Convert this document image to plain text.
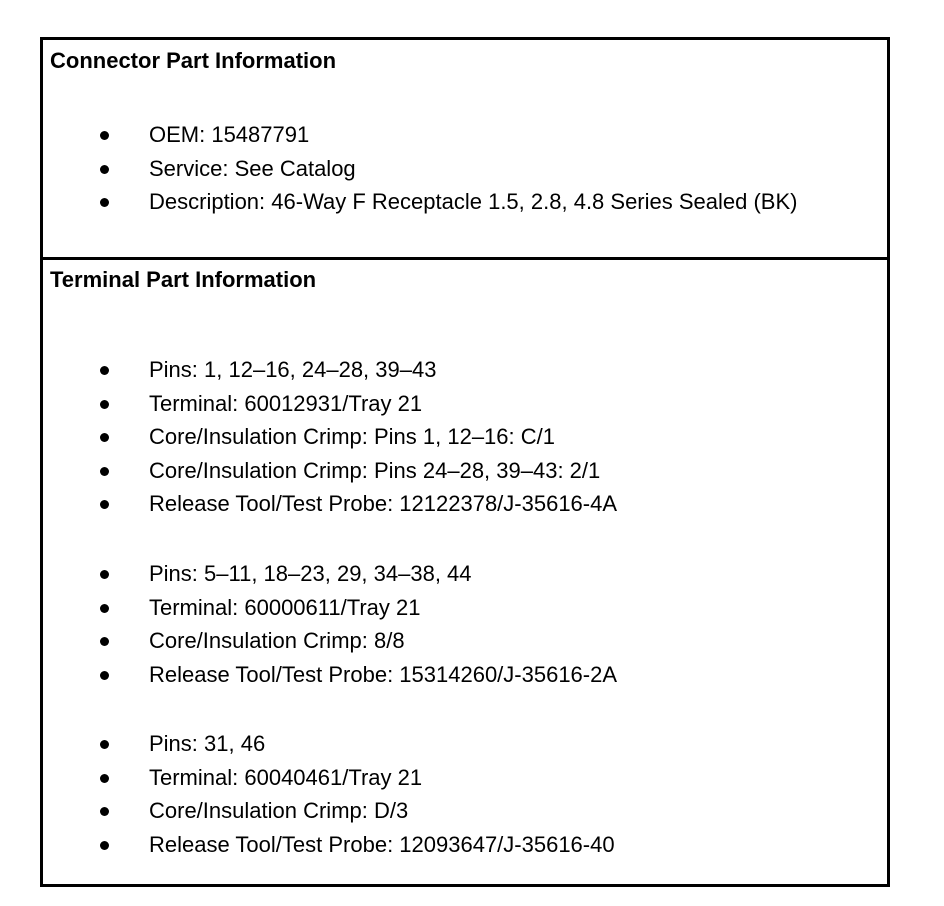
Connector Part Information
OEM: 15487791
Service: See Catalog
Description: 46-Way F Receptacle 1.5, 2.8, 4.8 Series Sealed (BK)
Terminal Part Information
Pins: 1, 12–16, 24–28, 39–43
Terminal: 60012931/Tray 21
Core/Insulation Crimp: Pins 1, 12–16: C/1
Core/Insulation Crimp: Pins 24–28, 39–43: 2/1
Release Tool/Test Probe: 12122378/J-35616-4A
Pins: 5–11, 18–23, 29, 34–38, 44
Terminal: 60000611/Tray 21
Core/Insulation Crimp: 8/8
Release Tool/Test Probe: 15314260/J-35616-2A
Pins: 31, 46
Terminal: 60040461/Tray 21
Core/Insulation Crimp: D/3
Release Tool/Test Probe: 12093647/J-35616-40
